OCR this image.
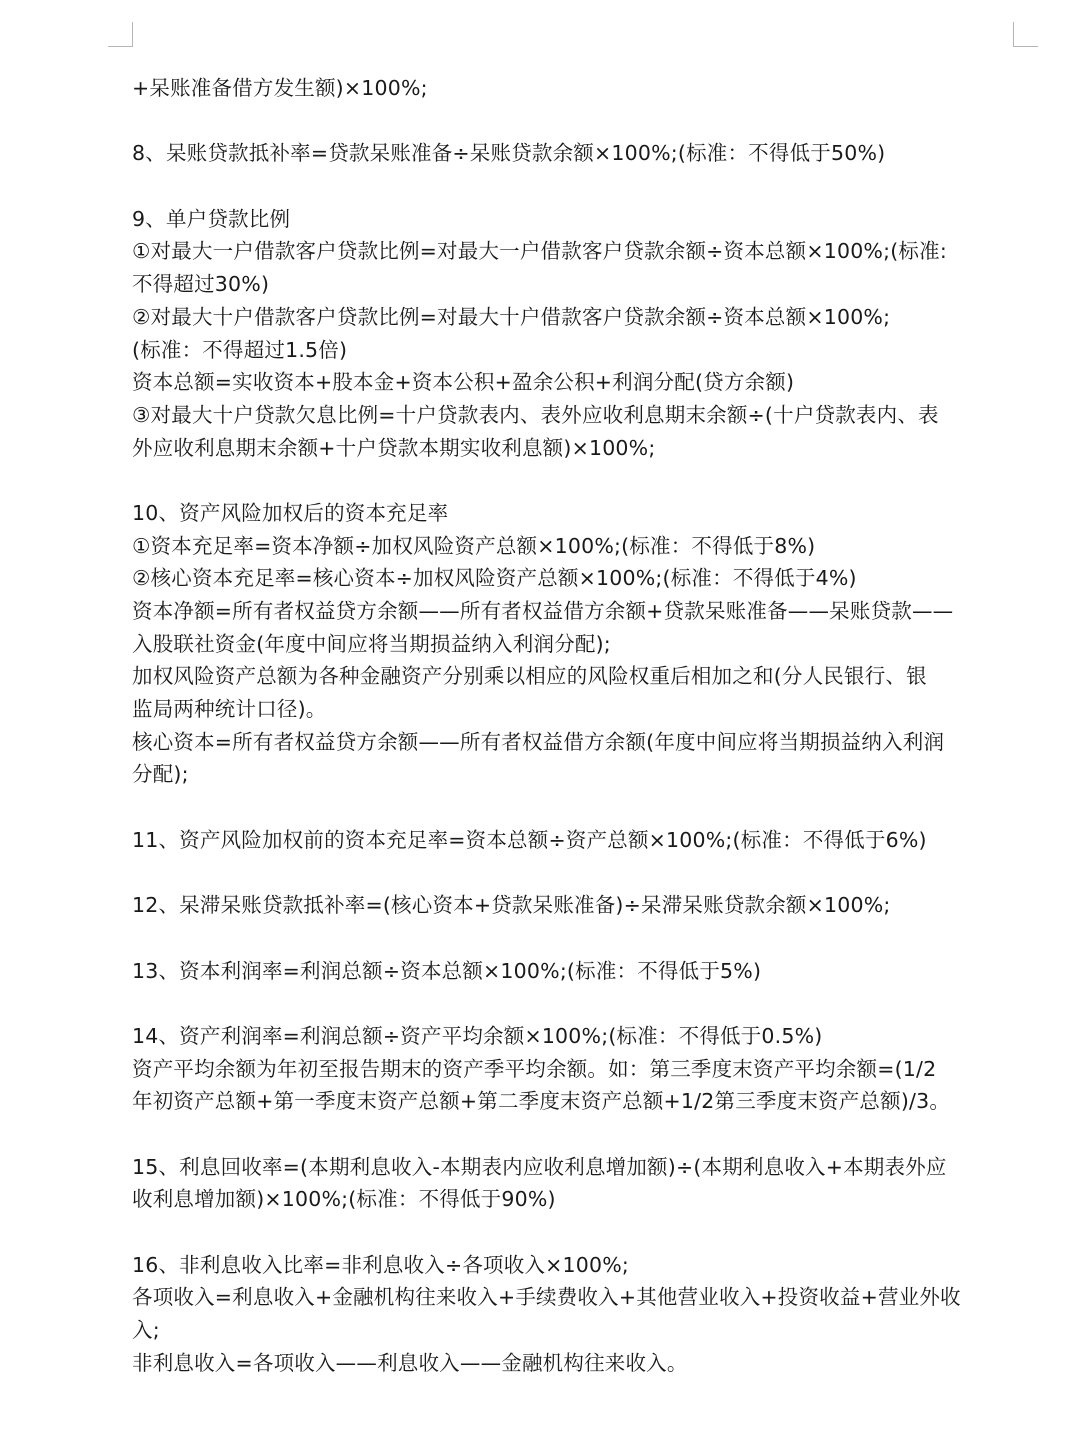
+呆账准备借方发生额)×100%;
8、呆账贷款抵补率=贷款呆账准备÷呆账贷款余额×100%;(标准：不得低于50%)
9、单户贷款比例
①对最大一户借款客户贷款比例=对最大一户借款客户贷款余额÷资本总额×100%;(标准:
不得超过30%)
②对最大十户借款客户贷款比例=对最大十户借款客户贷款余额÷资本总额×100%;
(标准：不得超过1.5倍)
资本总额=实收资本+股本金+资本公积+盈余公积+利润分配(贷方余额)
③对最大十户贷款欠息比例=十户贷款表内、表外应收利息期末余额÷(十户贷款表内、表
外应收利息期末余额+十户贷款本期实收利息额)×100%;
10、资产风险加权后的资本充足率
①资本充足率=资本净额÷加权风险资产总额×100%;(标准：不得低于8%)
②核心资本充足率=核心资本÷加权风险资产总额×100%;(标准：不得低于4%)
资本净额=所有者权益贷方余额——所有者权益借方余额+贷款呆账准备——呆账贷款——
入股联社资金(年度中间应将当期损益纳入利润分配);
加权风险资产总额为各种金融资产分别乘以相应的风险权重后相加之和(分人民银行、银
监局两种统计口径)。
核心资本=所有者权益贷方余额——所有者权益借方余额(年度中间应将当期损益纳入利润
分配);
11、资产风险加权前的资本充足率=资本总额÷资产总额×100%;(标准：不得低于6%)
12、呆滞呆账贷款抵补率=(核心资本+贷款呆账准备)÷呆滞呆账贷款余额×100%;
13、资本利润率=利润总额÷资本总额×100%;(标准：不得低于5%)
14、资产利润率=利润总额÷资产平均余额×100%;(标准：不得低于0.5%)
资产平均余额为年初至报告期末的资产季平均余额。如：第三季度末资产平均余额=(1/2
年初资产总额+第一季度末资产总额+第二季度末资产总额+1/2第三季度末资产总额)/3。
15、利息回收率=(本期利息收入-本期表内应收利息增加额)÷(本期利息收入+本期表外应
收利息增加额)×100%;(标准：不得低于90%)
16、非利息收入比率=非利息收入÷各项收入×100%;
各项收入=利息收入+金融机构往来收入+手续费收入+其他营业收入+投资收益+营业外收
入;
非利息收入=各项收入——利息收入——金融机构往来收入。
